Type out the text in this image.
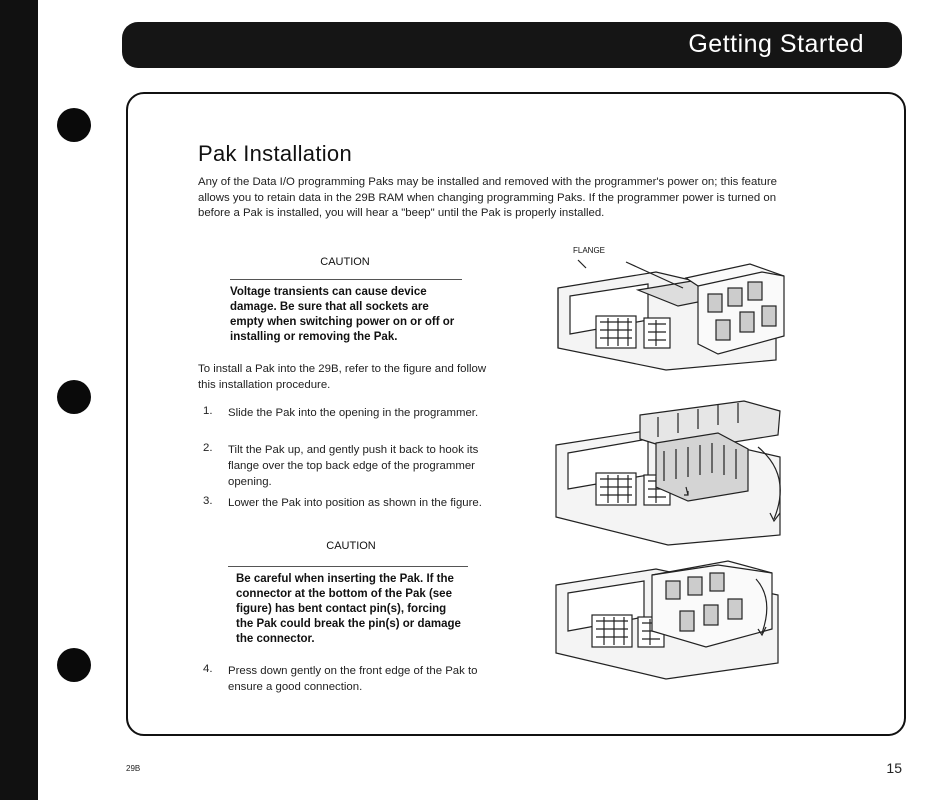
Getting Started
Pak Installation

Any of the Data I/O programming Paks may be installed and removed with the programmer's power on; this feature allows you to retain data in the 29B RAM when changing programming Paks. If the programmer power is turned on before a Pak is installed, you will hear a "beep" until the Pak is properly installed.

CAUTION

Voltage transients can cause device damage. Be sure that all sockets are empty when switching power on or off or installing or removing the Pak.

To install a Pak into the 29B, refer to the figure and follow this installation procedure.

1. Slide the Pak into the opening in the programmer.

2. Tilt the Pak up, and gently push it back to hook its flange over the top back edge of the programmer opening.

3. Lower the Pak into position as shown in the figure.

CAUTION

Be careful when inserting the Pak. If the connector at the bottom of the Pak (see figure) has bent contact pin(s), forcing the Pak could break the pin(s) or damage the connector.

4. Press down gently on the front edge of the Pak to ensure a good connection.

FLANGE
29B	15
